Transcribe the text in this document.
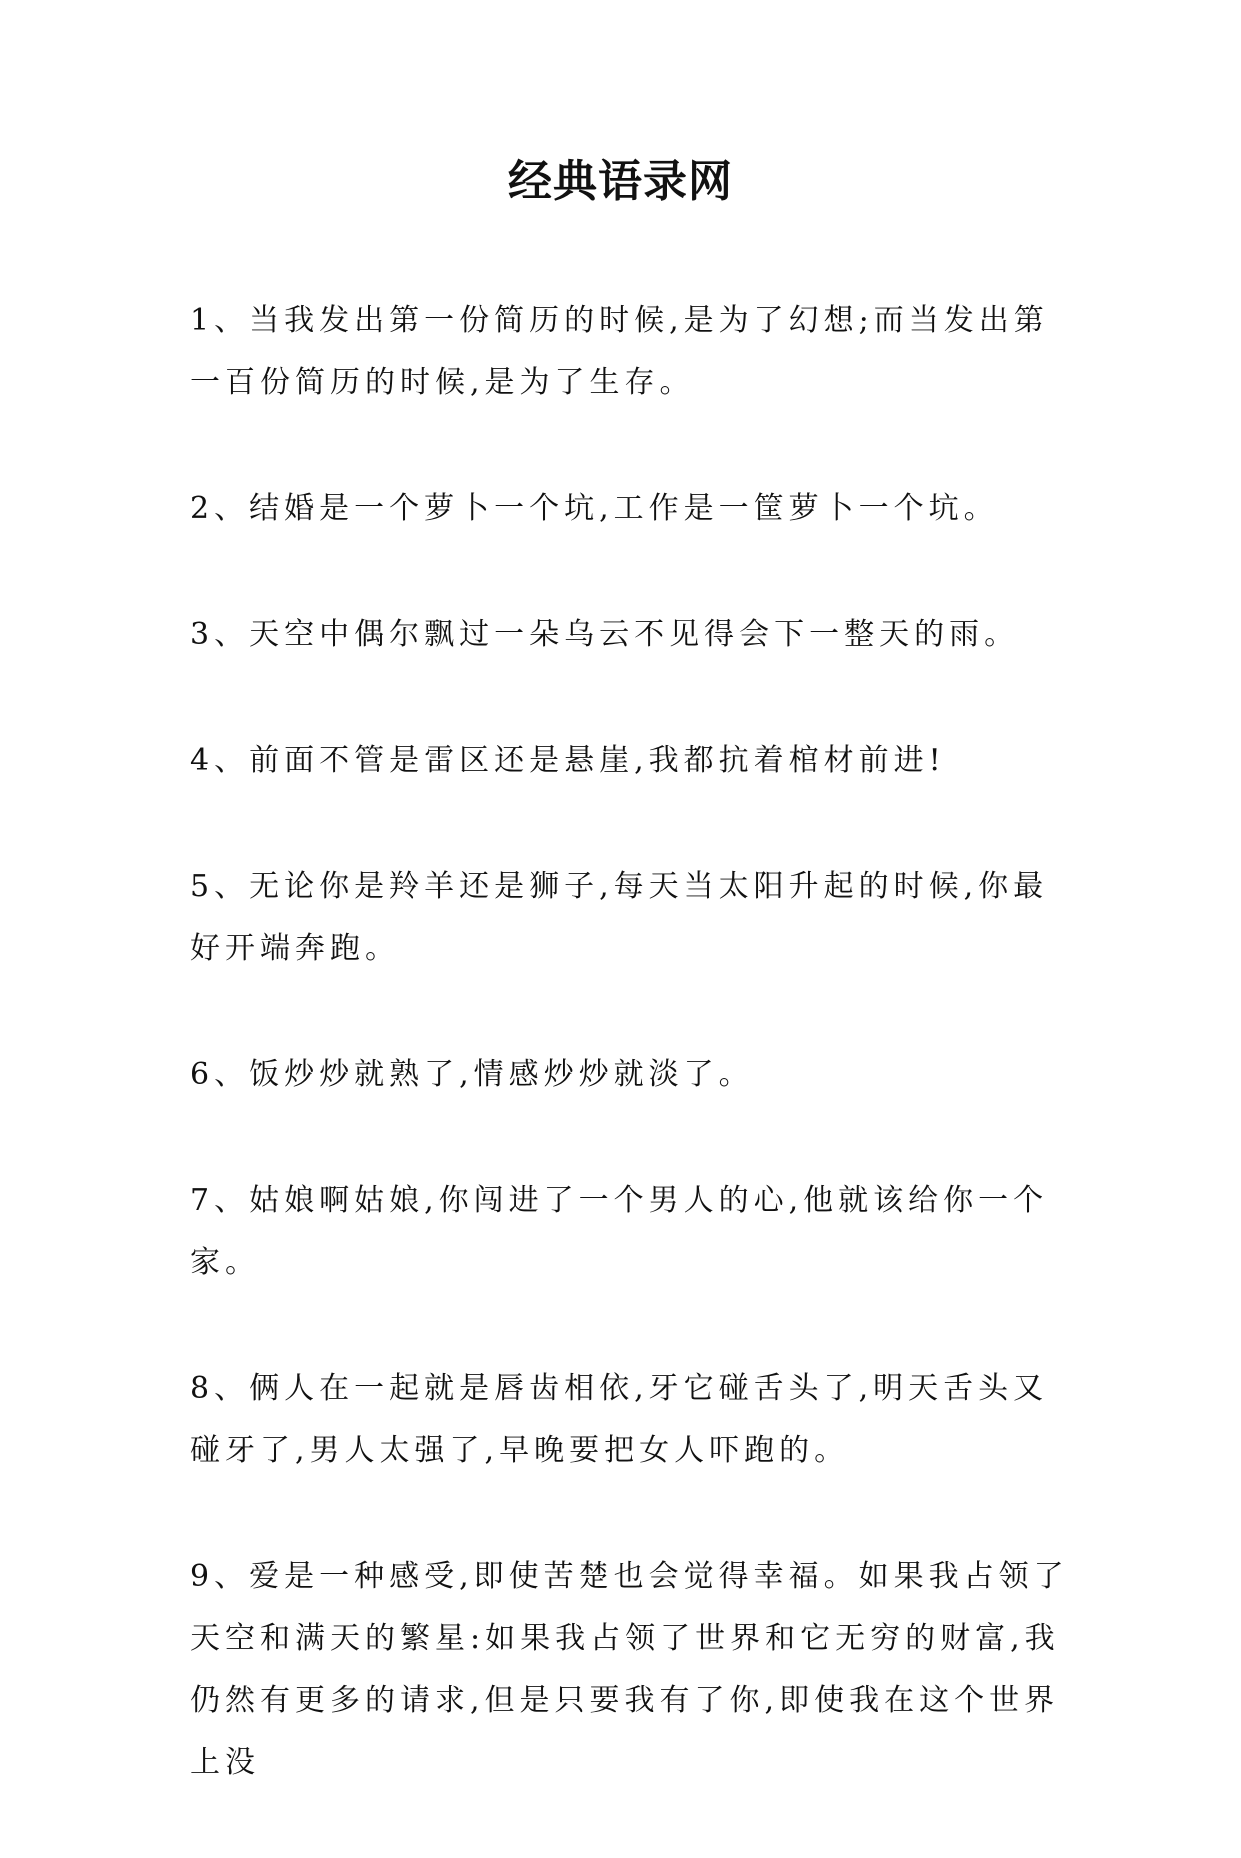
经典语录网
1、当我发出第一份简历的时候,是为了幻想;而当发出第一百份简历的时候,是为了生存。
2、结婚是一个萝卜一个坑,工作是一筐萝卜一个坑。
3、天空中偶尔飘过一朵乌云不见得会下一整天的雨。
4、前面不管是雷区还是悬崖,我都抗着棺材前进!
5、无论你是羚羊还是狮子,每天当太阳升起的时候,你最好开端奔跑。
6、饭炒炒就熟了,情感炒炒就淡了。
7、姑娘啊姑娘,你闯进了一个男人的心,他就该给你一个家。
8、俩人在一起就是唇齿相依,牙它碰舌头了,明天舌头又碰牙了,男人太强了,早晚要把女人吓跑的。
9、爱是一种感受,即使苦楚也会觉得幸福。如果我占领了天空和满天的繁星:如果我占领了世界和它无穷的财富,我仍然有更多的请求,但是只要我有了你,即使我在这个世界上没
